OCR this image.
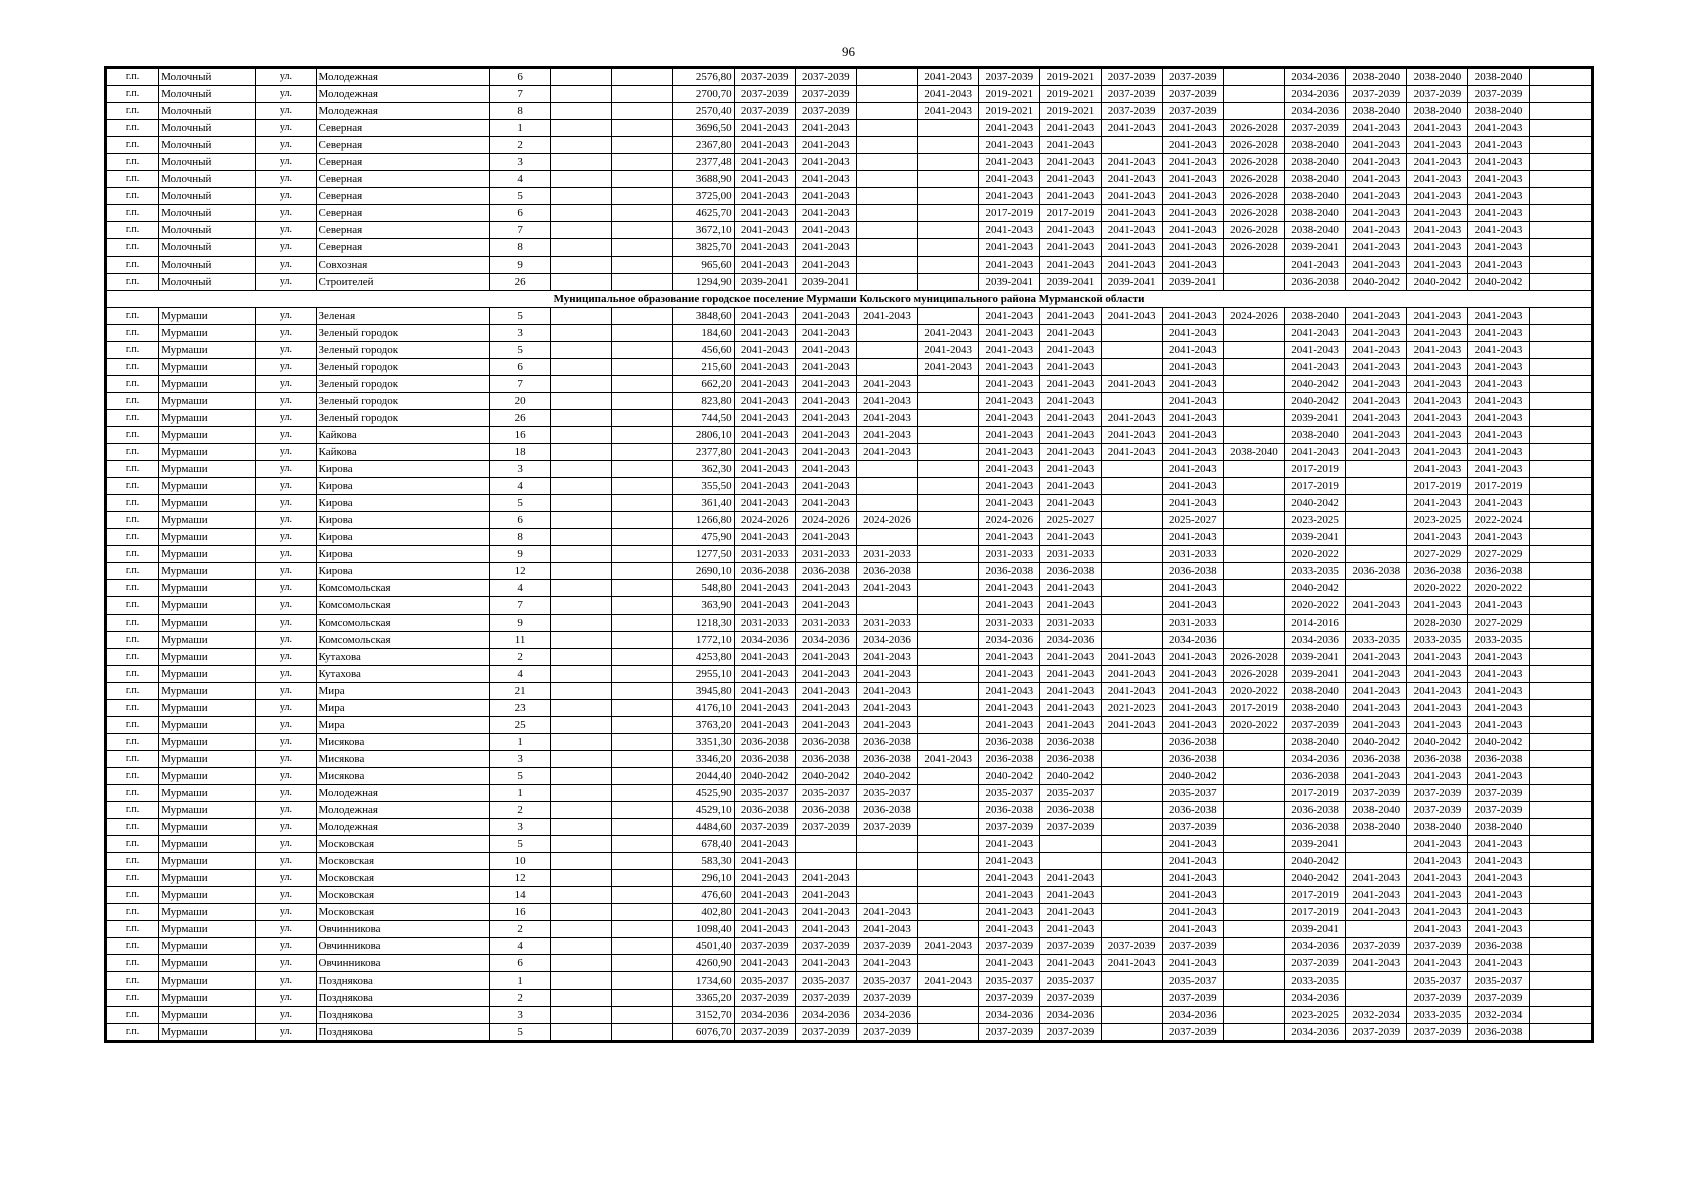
96
г.п.	Молочный	ул.	Молодежная	6			2576,80	2037-2039	2037-2039		2041-2043	2037-2039	2019-2021	2037-2039	2037-2039		2034-2036	2038-2040	2038-2040	2038-2040	
г.п.	Молочный	ул.	Молодежная	7			2700,70	2037-2039	2037-2039		2041-2043	2019-2021	2019-2021	2037-2039	2037-2039		2034-2036	2037-2039	2037-2039	2037-2039	
г.п.	Молочный	ул.	Молодежная	8			2570,40	2037-2039	2037-2039		2041-2043	2019-2021	2019-2021	2037-2039	2037-2039		2034-2036	2038-2040	2038-2040	2038-2040	
г.п.	Молочный	ул.	Северная	1			3696,50	2041-2043	2041-2043			2041-2043	2041-2043	2041-2043	2041-2043	2026-2028	2037-2039	2041-2043	2041-2043	2041-2043	
г.п.	Молочный	ул.	Северная	2			2367,80	2041-2043	2041-2043			2041-2043	2041-2043		2041-2043	2026-2028	2038-2040	2041-2043	2041-2043	2041-2043	
г.п.	Молочный	ул.	Северная	3			2377,48	2041-2043	2041-2043			2041-2043	2041-2043	2041-2043	2041-2043	2026-2028	2038-2040	2041-2043	2041-2043	2041-2043	
г.п.	Молочный	ул.	Северная	4			3688,90	2041-2043	2041-2043			2041-2043	2041-2043	2041-2043	2041-2043	2026-2028	2038-2040	2041-2043	2041-2043	2041-2043	
г.п.	Молочный	ул.	Северная	5			3725,00	2041-2043	2041-2043			2041-2043	2041-2043	2041-2043	2041-2043	2026-2028	2038-2040	2041-2043	2041-2043	2041-2043	
г.п.	Молочный	ул.	Северная	6			4625,70	2041-2043	2041-2043			2017-2019	2017-2019	2041-2043	2041-2043	2026-2028	2038-2040	2041-2043	2041-2043	2041-2043	
г.п.	Молочный	ул.	Северная	7			3672,10	2041-2043	2041-2043			2041-2043	2041-2043	2041-2043	2041-2043	2026-2028	2038-2040	2041-2043	2041-2043	2041-2043	
г.п.	Молочный	ул.	Северная	8			3825,70	2041-2043	2041-2043			2041-2043	2041-2043	2041-2043	2041-2043	2026-2028	2039-2041	2041-2043	2041-2043	2041-2043	
г.п.	Молочный	ул.	Совхозная	9			965,60	2041-2043	2041-2043			2041-2043	2041-2043	2041-2043	2041-2043		2041-2043	2041-2043	2041-2043	2041-2043	
г.п.	Молочный	ул.	Строителей	26			1294,90	2039-2041	2039-2041			2039-2041	2039-2041	2039-2041	2039-2041		2036-2038	2040-2042	2040-2042	2040-2042	
Муниципальное образование городское поселение Мурмаши Кольского муниципального района Мурманской области																					
г.п.	Мурмаши	ул.	Зеленая	5			3848,60	2041-2043	2041-2043	2041-2043		2041-2043	2041-2043	2041-2043	2041-2043	2024-2026	2038-2040	2041-2043	2041-2043	2041-2043	
г.п.	Мурмаши	ул.	Зеленый городок	3			184,60	2041-2043	2041-2043		2041-2043	2041-2043	2041-2043		2041-2043		2041-2043	2041-2043	2041-2043	2041-2043	
г.п.	Мурмаши	ул.	Зеленый городок	5			456,60	2041-2043	2041-2043		2041-2043	2041-2043	2041-2043		2041-2043		2041-2043	2041-2043	2041-2043	2041-2043	
г.п.	Мурмаши	ул.	Зеленый городок	6			215,60	2041-2043	2041-2043		2041-2043	2041-2043	2041-2043		2041-2043		2041-2043	2041-2043	2041-2043	2041-2043	
г.п.	Мурмаши	ул.	Зеленый городок	7			662,20	2041-2043	2041-2043	2041-2043		2041-2043	2041-2043	2041-2043	2041-2043		2040-2042	2041-2043	2041-2043	2041-2043	
г.п.	Мурмаши	ул.	Зеленый городок	20			823,80	2041-2043	2041-2043	2041-2043		2041-2043	2041-2043		2041-2043		2040-2042	2041-2043	2041-2043	2041-2043	
г.п.	Мурмаши	ул.	Зеленый городок	26			744,50	2041-2043	2041-2043	2041-2043		2041-2043	2041-2043	2041-2043	2041-2043		2039-2041	2041-2043	2041-2043	2041-2043	
г.п.	Мурмаши	ул.	Кайкова	16			2806,10	2041-2043	2041-2043	2041-2043		2041-2043	2041-2043	2041-2043	2041-2043		2038-2040	2041-2043	2041-2043	2041-2043	
г.п.	Мурмаши	ул.	Кайкова	18			2377,80	2041-2043	2041-2043	2041-2043		2041-2043	2041-2043	2041-2043	2041-2043	2038-2040	2041-2043	2041-2043	2041-2043	2041-2043	
г.п.	Мурмаши	ул.	Кирова	3			362,30	2041-2043	2041-2043			2041-2043	2041-2043		2041-2043		2017-2019		2041-2043	2041-2043	
г.п.	Мурмаши	ул.	Кирова	4			355,50	2041-2043	2041-2043			2041-2043	2041-2043		2041-2043		2017-2019		2017-2019	2017-2019	
г.п.	Мурмаши	ул.	Кирова	5			361,40	2041-2043	2041-2043			2041-2043	2041-2043		2041-2043		2040-2042		2041-2043	2041-2043	
г.п.	Мурмаши	ул.	Кирова	6			1266,80	2024-2026	2024-2026	2024-2026		2024-2026	2025-2027		2025-2027		2023-2025		2023-2025	2022-2024	
г.п.	Мурмаши	ул.	Кирова	8			475,90	2041-2043	2041-2043			2041-2043	2041-2043		2041-2043		2039-2041		2041-2043	2041-2043	
г.п.	Мурмаши	ул.	Кирова	9			1277,50	2031-2033	2031-2033	2031-2033		2031-2033	2031-2033		2031-2033		2020-2022		2027-2029	2027-2029	
г.п.	Мурмаши	ул.	Кирова	12			2690,10	2036-2038	2036-2038	2036-2038		2036-2038	2036-2038		2036-2038		2033-2035	2036-2038	2036-2038	2036-2038	
г.п.	Мурмаши	ул.	Комсомольская	4			548,80	2041-2043	2041-2043	2041-2043		2041-2043	2041-2043		2041-2043		2040-2042		2020-2022	2020-2022	
г.п.	Мурмаши	ул.	Комсомольская	7			363,90	2041-2043	2041-2043			2041-2043	2041-2043		2041-2043		2020-2022	2041-2043	2041-2043	2041-2043	
г.п.	Мурмаши	ул.	Комсомольская	9			1218,30	2031-2033	2031-2033	2031-2033		2031-2033	2031-2033		2031-2033		2014-2016		2028-2030	2027-2029	
г.п.	Мурмаши	ул.	Комсомольская	11			1772,10	2034-2036	2034-2036	2034-2036		2034-2036	2034-2036		2034-2036		2034-2036	2033-2035	2033-2035	2033-2035	
г.п.	Мурмаши	ул.	Кутахова	2			4253,80	2041-2043	2041-2043	2041-2043		2041-2043	2041-2043	2041-2043	2041-2043	2026-2028	2039-2041	2041-2043	2041-2043	2041-2043	
г.п.	Мурмаши	ул.	Кутахова	4			2955,10	2041-2043	2041-2043	2041-2043		2041-2043	2041-2043	2041-2043	2041-2043	2026-2028	2039-2041	2041-2043	2041-2043	2041-2043	
г.п.	Мурмаши	ул.	Мира	21			3945,80	2041-2043	2041-2043	2041-2043		2041-2043	2041-2043	2041-2043	2041-2043	2020-2022	2038-2040	2041-2043	2041-2043	2041-2043	
г.п.	Мурмаши	ул.	Мира	23			4176,10	2041-2043	2041-2043	2041-2043		2041-2043	2041-2043	2021-2023	2041-2043	2017-2019	2038-2040	2041-2043	2041-2043	2041-2043	
г.п.	Мурмаши	ул.	Мира	25			3763,20	2041-2043	2041-2043	2041-2043		2041-2043	2041-2043	2041-2043	2041-2043	2020-2022	2037-2039	2041-2043	2041-2043	2041-2043	
г.п.	Мурмаши	ул.	Мисякова	1			3351,30	2036-2038	2036-2038	2036-2038		2036-2038	2036-2038		2036-2038		2038-2040	2040-2042	2040-2042	2040-2042	
г.п.	Мурмаши	ул.	Мисякова	3			3346,20	2036-2038	2036-2038	2036-2038	2041-2043	2036-2038	2036-2038		2036-2038		2034-2036	2036-2038	2036-2038	2036-2038	
г.п.	Мурмаши	ул.	Мисякова	5			2044,40	2040-2042	2040-2042	2040-2042		2040-2042	2040-2042		2040-2042		2036-2038	2041-2043	2041-2043	2041-2043	
г.п.	Мурмаши	ул.	Молодежная	1			4525,90	2035-2037	2035-2037	2035-2037		2035-2037	2035-2037		2035-2037		2017-2019	2037-2039	2037-2039	2037-2039	
г.п.	Мурмаши	ул.	Молодежная	2			4529,10	2036-2038	2036-2038	2036-2038		2036-2038	2036-2038		2036-2038		2036-2038	2038-2040	2037-2039	2037-2039	
г.п.	Мурмаши	ул.	Молодежная	3			4484,60	2037-2039	2037-2039	2037-2039		2037-2039	2037-2039		2037-2039		2036-2038	2038-2040	2038-2040	2038-2040	
г.п.	Мурмаши	ул.	Московская	5			678,40	2041-2043				2041-2043			2041-2043		2039-2041		2041-2043	2041-2043	
г.п.	Мурмаши	ул.	Московская	10			583,30	2041-2043				2041-2043			2041-2043		2040-2042		2041-2043	2041-2043	
г.п.	Мурмаши	ул.	Московская	12			296,10	2041-2043	2041-2043			2041-2043	2041-2043		2041-2043		2040-2042	2041-2043	2041-2043	2041-2043	
г.п.	Мурмаши	ул.	Московская	14			476,60	2041-2043	2041-2043			2041-2043	2041-2043		2041-2043		2017-2019	2041-2043	2041-2043	2041-2043	
г.п.	Мурмаши	ул.	Московская	16			402,80	2041-2043	2041-2043	2041-2043		2041-2043	2041-2043		2041-2043		2017-2019	2041-2043	2041-2043	2041-2043	
г.п.	Мурмаши	ул.	Овчинникова	2			1098,40	2041-2043	2041-2043	2041-2043		2041-2043	2041-2043		2041-2043		2039-2041		2041-2043	2041-2043	
г.п.	Мурмаши	ул.	Овчинникова	4			4501,40	2037-2039	2037-2039	2037-2039	2041-2043	2037-2039	2037-2039	2037-2039	2037-2039		2034-2036	2037-2039	2037-2039	2036-2038	
г.п.	Мурмаши	ул.	Овчинникова	6			4260,90	2041-2043	2041-2043	2041-2043		2041-2043	2041-2043	2041-2043	2041-2043		2037-2039	2041-2043	2041-2043	2041-2043	
г.п.	Мурмаши	ул.	Позднякова	1			1734,60	2035-2037	2035-2037	2035-2037	2041-2043	2035-2037	2035-2037		2035-2037		2033-2035		2035-2037	2035-2037	
г.п.	Мурмаши	ул.	Позднякова	2			3365,20	2037-2039	2037-2039	2037-2039		2037-2039	2037-2039		2037-2039		2034-2036		2037-2039	2037-2039	
г.п.	Мурмаши	ул.	Позднякова	3			3152,70	2034-2036	2034-2036	2034-2036		2034-2036	2034-2036		2034-2036		2023-2025	2032-2034	2033-2035	2032-2034	
г.п.	Мурмаши	ул.	Позднякова	5			6076,70	2037-2039	2037-2039	2037-2039		2037-2039	2037-2039		2037-2039		2034-2036	2037-2039	2037-2039	2036-2038	
